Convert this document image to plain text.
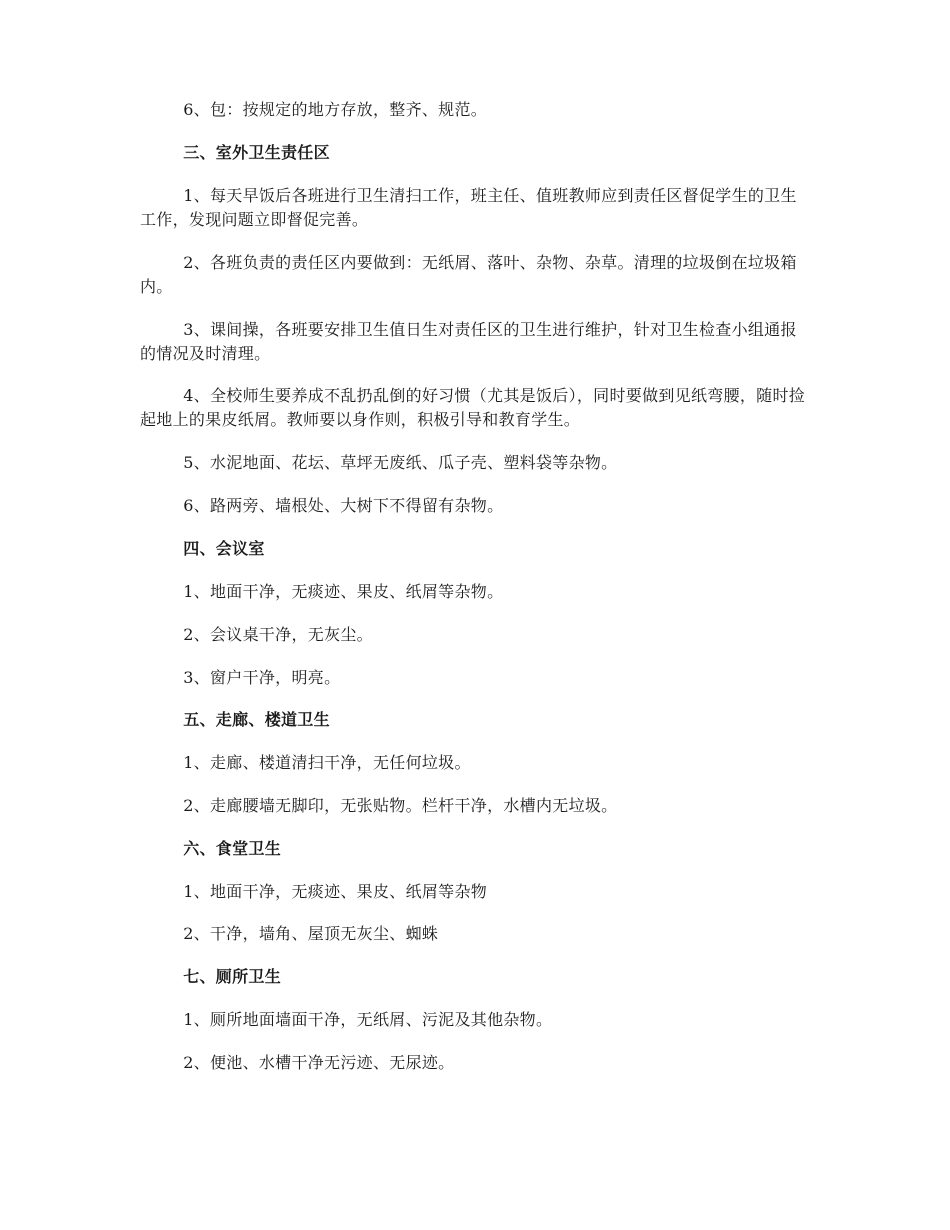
6、包：按规定的地方存放，整齐、规范。

三、室外卫生责任区

1、每天早饭后各班进行卫生清扫工作，班主任、值班教师应到责任区督促学生的卫生工作，发现问题立即督促完善。

2、各班负责的责任区内要做到：无纸屑、落叶、杂物、杂草。清理的垃圾倒在垃圾箱内。

3、课间操，各班要安排卫生值日生对责任区的卫生进行维护，针对卫生检查小组通报的情况及时清理。

4、全校师生要养成不乱扔乱倒的好习惯（尤其是饭后），同时要做到见纸弯腰，随时捡起地上的果皮纸屑。教师要以身作则，积极引导和教育学生。

5、水泥地面、花坛、草坪无废纸、瓜子壳、塑料袋等杂物。

6、路两旁、墙根处、大树下不得留有杂物。

四、会议室

1、地面干净，无痰迹、果皮、纸屑等杂物。

2、会议桌干净，无灰尘。

3、窗户干净，明亮。

五、走廊、楼道卫生

1、走廊、楼道清扫干净，无任何垃圾。

2、走廊腰墙无脚印，无张贴物。栏杆干净，水槽内无垃圾。

六、食堂卫生

1、地面干净，无痰迹、果皮、纸屑等杂物

2、干净，墙角、屋顶无灰尘、蜘蛛

七、厕所卫生

1、厕所地面墙面干净，无纸屑、污泥及其他杂物。

2、便池、水槽干净无污迹、无尿迹。
